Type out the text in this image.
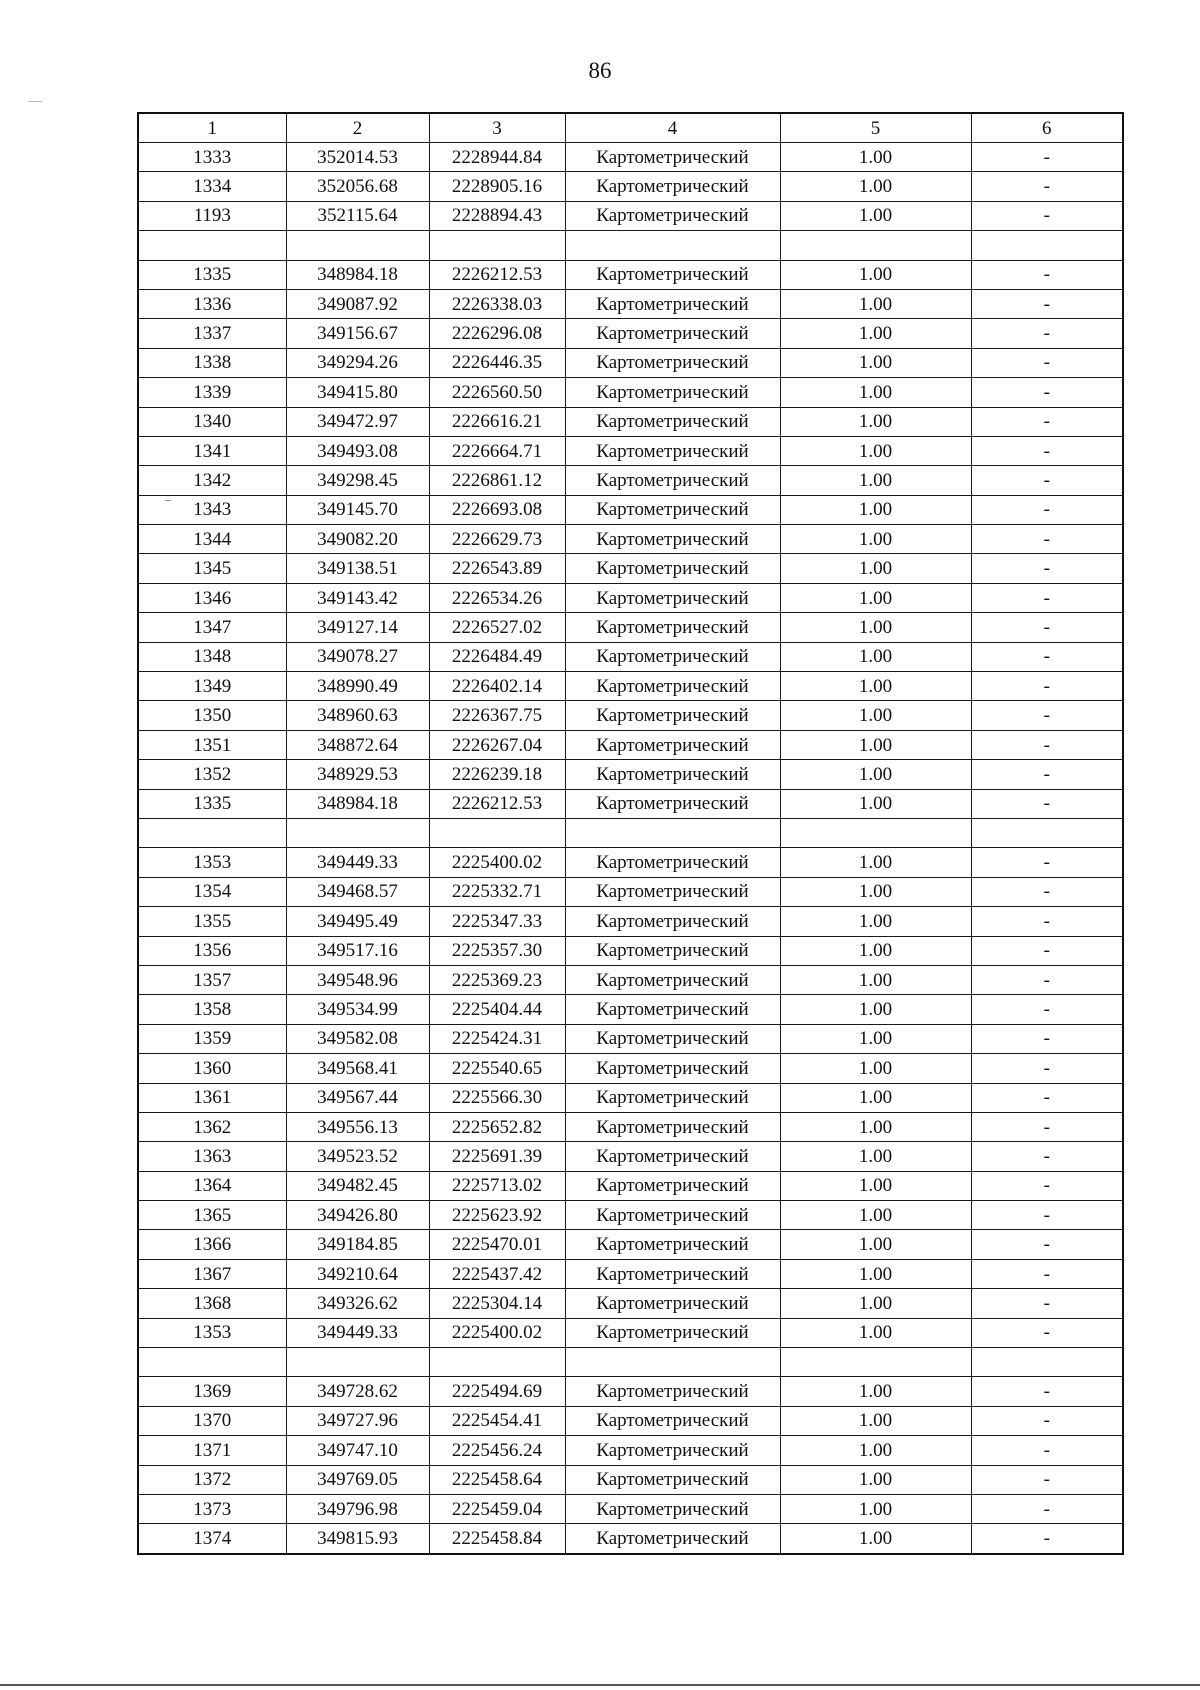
86
1	2	3	4	5	6
1333	352014.53	2228944.84	Картометрический	1.00	-
1334	352056.68	2228905.16	Картометрический	1.00	-
1193	352115.64	2228894.43	Картометрический	1.00	-

1335	348984.18	2226212.53	Картометрический	1.00	-
1336	349087.92	2226338.03	Картометрический	1.00	-
1337	349156.67	2226296.08	Картометрический	1.00	-
1338	349294.26	2226446.35	Картометрический	1.00	-
1339	349415.80	2226560.50	Картометрический	1.00	-
1340	349472.97	2226616.21	Картометрический	1.00	-
1341	349493.08	2226664.71	Картометрический	1.00	-
1342	349298.45	2226861.12	Картометрический	1.00	-
1343	349145.70	2226693.08	Картометрический	1.00	-
1344	349082.20	2226629.73	Картометрический	1.00	-
1345	349138.51	2226543.89	Картометрический	1.00	-
1346	349143.42	2226534.26	Картометрический	1.00	-
1347	349127.14	2226527.02	Картометрический	1.00	-
1348	349078.27	2226484.49	Картометрический	1.00	-
1349	348990.49	2226402.14	Картометрический	1.00	-
1350	348960.63	2226367.75	Картометрический	1.00	-
1351	348872.64	2226267.04	Картометрический	1.00	-
1352	348929.53	2226239.18	Картометрический	1.00	-
1335	348984.18	2226212.53	Картометрический	1.00	-

1353	349449.33	2225400.02	Картометрический	1.00	-
1354	349468.57	2225332.71	Картометрический	1.00	-
1355	349495.49	2225347.33	Картометрический	1.00	-
1356	349517.16	2225357.30	Картометрический	1.00	-
1357	349548.96	2225369.23	Картометрический	1.00	-
1358	349534.99	2225404.44	Картометрический	1.00	-
1359	349582.08	2225424.31	Картометрический	1.00	-
1360	349568.41	2225540.65	Картометрический	1.00	-
1361	349567.44	2225566.30	Картометрический	1.00	-
1362	349556.13	2225652.82	Картометрический	1.00	-
1363	349523.52	2225691.39	Картометрический	1.00	-
1364	349482.45	2225713.02	Картометрический	1.00	-
1365	349426.80	2225623.92	Картометрический	1.00	-
1366	349184.85	2225470.01	Картометрический	1.00	-
1367	349210.64	2225437.42	Картометрический	1.00	-
1368	349326.62	2225304.14	Картометрический	1.00	-
1353	349449.33	2225400.02	Картометрический	1.00	-

1369	349728.62	2225494.69	Картометрический	1.00	-
1370	349727.96	2225454.41	Картометрический	1.00	-
1371	349747.10	2225456.24	Картометрический	1.00	-
1372	349769.05	2225458.64	Картометрический	1.00	-
1373	349796.98	2225459.04	Картометрический	1.00	-
1374	349815.93	2225458.84	Картометрический	1.00	-
